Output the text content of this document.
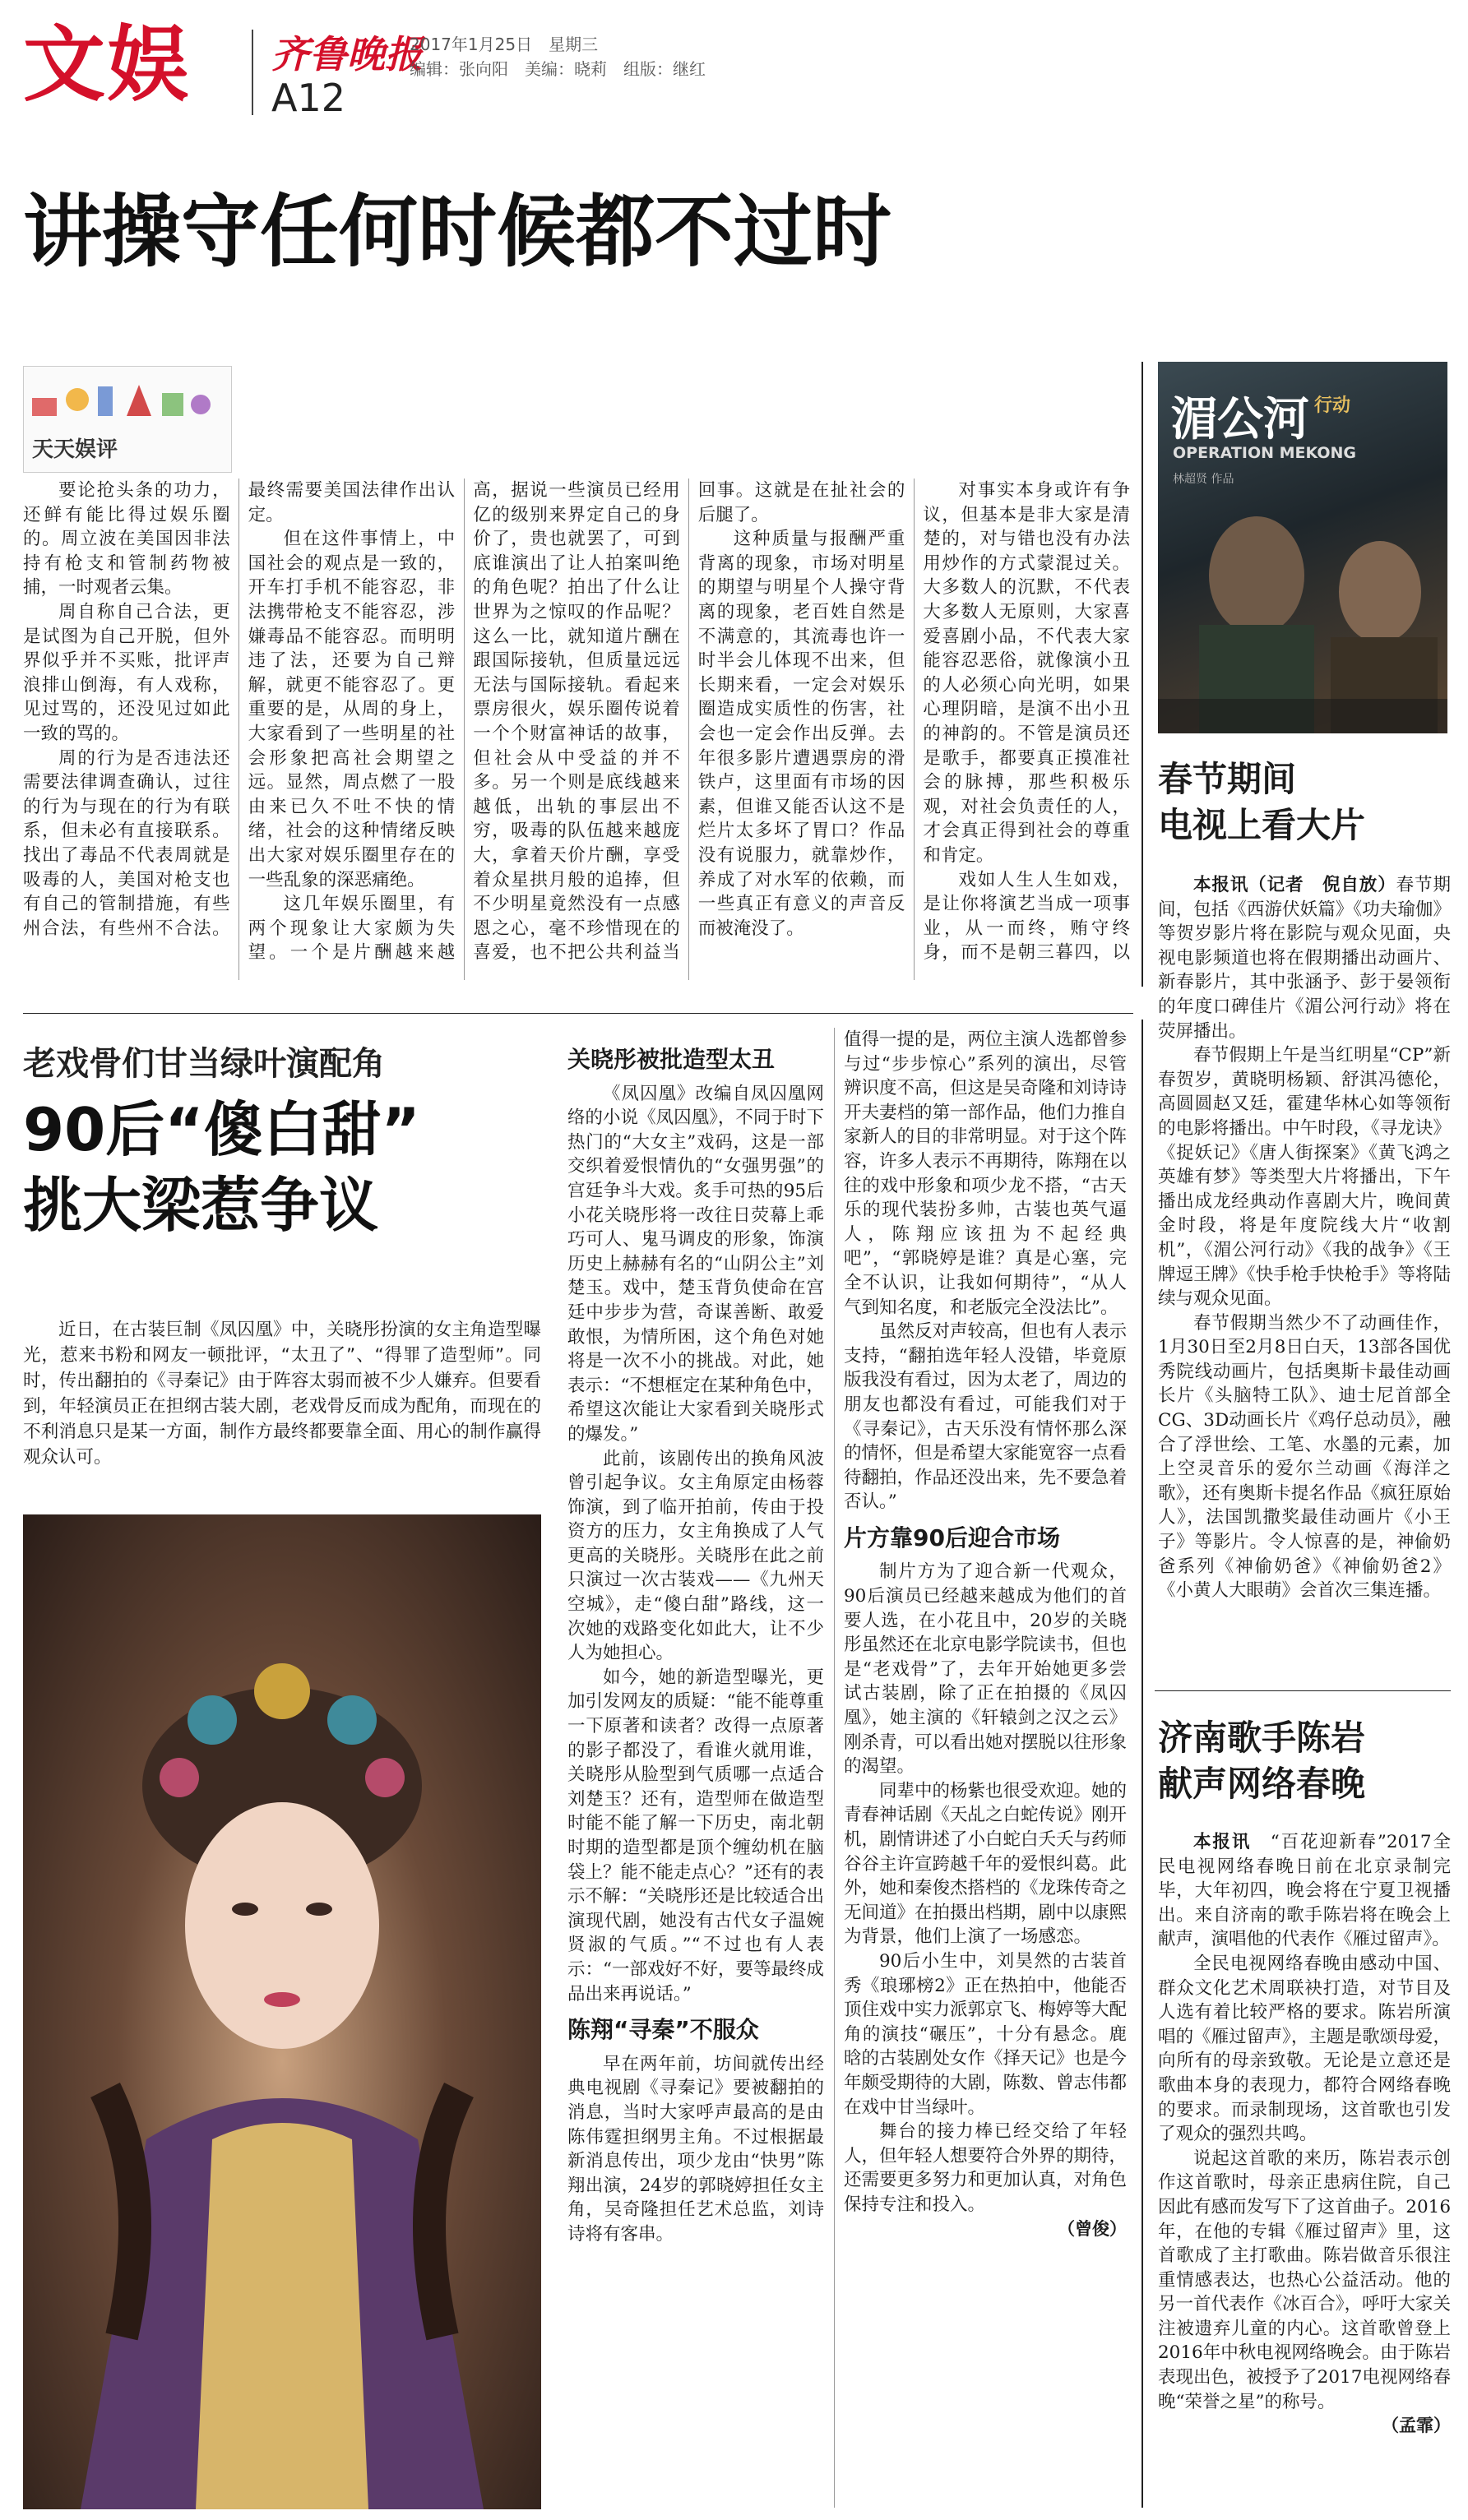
文娱 齐鲁晚报
A12
2017年1月25日　星期三
编辑：张向阳　美编：晓莉　组版：继红
讲操守任何时候都不过时
天天娱评

要论抢头条的功力，还鲜有能比得过娱乐圈的。周立波在美国因非法持有枪支和管制药物被捕，一时观者云集。

周自称自己合法，更是试图为自己开脱，但外界似乎并不买账，批评声浪排山倒海，有人戏称，见过骂的，还没见过如此一致的骂的。

周的行为是否违法还需要法律调查确认，过往的行为与现在的行为有联系，但未必有直接联系。找出了毒品不代表周就是吸毒的人，美国对枪支也有自己的管制措施，有些州合法，有些州不合法。最终需要美国法律作出认定。

但在这件事情上，中国社会的观点是一致的，开车打手机不能容忍，非法携带枪支不能容忍，涉嫌毒品不能容忍。而明明违了法，还要为自己辩解，就更不能容忍了。更重要的是，从周的身上，大家看到了一些明星的社会形象把高社会期望之远。显然，周点燃了一股由来已久不吐不快的情绪，社会的这种情绪反映出大家对娱乐圈里存在的一些乱象的深恶痛绝。

这几年娱乐圈里，有两个现象让大家颇为失望。一个是片酬越来越高，据说一些演员已经用亿的级别来界定自己的身价了，贵也就罢了，可到底谁演出了让人拍案叫绝的角色呢？拍出了什么让世界为之惊叹的作品呢？这么一比，就知道片酬在跟国际接轨，但质量远远无法与国际接轨。看起来票房很火，娱乐圈传说着一个个财富神话的故事，但社会从中受益的并不多。另一个则是底线越来越低，出轨的事层出不穷，吸毒的队伍越来越庞大，拿着天价片酬，享受着众星拱月般的追捧，但不少明星竟然没有一点感恩之心，毫不珍惜现在的喜爱，也不把公共利益当回事。这就是在扯社会的后腿了。

这种质量与报酬严重背离的现象，市场对明星的期望与明星个人操守背离的现象，老百姓自然是不满意的，其流毒也许一时半会儿体现不出来，但长期来看，一定会对娱乐圈造成实质性的伤害，社会也一定会作出反弹。去年很多影片遭遇票房的滑铁卢，这里面有市场的因素，但谁又能否认这不是烂片太多坏了胃口？作品没有说服力，就靠炒作，养成了对水军的依赖，而一些真正有意义的声音反而被淹没了。

对事实本身或许有争议，但基本是非大家是清楚的，对与错也没有办法用炒作的方式蒙混过关。大多数人的沉默，不代表大多数人无原则，大家喜爱喜剧小品，不代表大家能容忍恶俗，就像演小丑的人必须心向光明，如果心理阴暗，是演不出小丑的神韵的。不管是演员还是歌手，都要真正摸准社会的脉搏，那些积极乐观，对社会负责任的人，才会真正得到社会的尊重和肯定。

戏如人生人生如戏，是让你将演艺当成一项事业，从一而终，贿守终身，而不是朝三暮四，以

湄公河 行动
OPERATION MEKONG
林超贤 作品
春节期间
电视上看大片

本报讯（记者　倪自放）春节期间，包括《西游伏妖篇》《功夫瑜伽》等贺岁影片将在影院与观众见面，央视电影频道也将在假期播出动画片、新春影片，其中张涵予、彭于晏领衔的年度口碑佳片《湄公河行动》将在荧屏播出。

春节假期上午是当红明星“CP”新春贺岁，黄晓明杨颖、舒淇冯德伦，高圆圆赵又廷，霍建华林心如等领衔的电影将播出。中午时段，《寻龙诀》《捉妖记》《唐人街探案》《黄飞鸿之英雄有梦》等类型大片将播出，下午播出成龙经典动作喜剧大片，晚间黄金时段，将是年度院线大片“收割机”，《湄公河行动》《我的战争》《王牌逗王牌》《快手枪手快枪手》等将陆续与观众见面。

春节假期当然少不了动画佳作，1月30日至2月8日白天，13部各国优秀院线动画片，包括奥斯卡最佳动画长片《头脑特工队》、迪士尼首部全CG、3D动画长片《鸡仔总动员》，融合了浮世绘、工笔、水墨的元素，加上空灵音乐的爱尔兰动画《海洋之歌》，还有奥斯卡提名作品《疯狂原始人》，法国凯撒奖最佳动画片《小王子》等影片。令人惊喜的是，神偷奶爸系列《神偷奶爸》《神偷奶爸2》《小黄人大眼萌》会首次三集连播。

济南歌手陈岩
献声网络春晚

本报讯　 “百花迎新春”2017全民电视网络春晚日前在北京录制完毕，大年初四，晚会将在宁夏卫视播出。来自济南的歌手陈岩将在晚会上献声，演唱他的代表作《雁过留声》。

全民电视网络春晚由感动中国、群众文化艺术周联袂打造，对节目及人选有着比较严格的要求。陈岩所演唱的《雁过留声》，主题是歌颂母爱，向所有的母亲致敬。无论是立意还是歌曲本身的表现力，都符合网络春晚的要求。而录制现场，这首歌也引发了观众的强烈共鸣。

说起这首歌的来历，陈岩表示创作这首歌时，母亲正患病住院，自己因此有感而发写下了这首曲子。2016年，在他的专辑《雁过留声》里，这首歌成了主打歌曲。陈岩做音乐很注重情感表达，也热心公益活动。他的另一首代表作《冰百合》，呼吁大家关注被遗弃儿童的内心。这首歌曾登上2016年中秋电视网络晚会。由于陈岩表现出色，被授予了2017电视网络春晚“荣誉之星”的称号。

（孟霏）

老戏骨们甘当绿叶演配角
90后“傻白甜”
挑大梁惹争议
近日，在古装巨制《凤囚凰》中，关晓彤扮演的女主角造型曝光，惹来书粉和网友一顿批评，“太丑了”、“得罪了造型师”。同时，传出翻拍的《寻秦记》由于阵容太弱而被不少人嫌弃。但要看到，年轻演员正在担纲古装大剧，老戏骨反而成为配角，而现在的不利消息只是某一方面，制作方最终都要靠全面、用心的制作赢得观众认可。
关晓彤被批造型太丑

《凤囚凰》改编自凤囚凰网络的小说《凤囚凰》，不同于时下热门的“大女主”戏码，这是一部交织着爱恨情仇的“女强男强”的宫廷争斗大戏。炙手可热的95后小花关晓彤将一改往日荧幕上乖巧可人、鬼马调皮的形象，饰演历史上赫赫有名的“山阴公主”刘楚玉。戏中，楚玉背负使命在宫廷中步步为营，奇谋善断、敢爱敢恨，为情所困，这个角色对她将是一次不小的挑战。对此，她表示：“不想框定在某种角色中，希望这次能让大家看到关晓彤式的爆发。”

此前，该剧传出的换角风波曾引起争议。女主角原定由杨蓉饰演，到了临开拍前，传由于投资方的压力，女主角换成了人气更高的关晓彤。关晓彤在此之前只演过一次古装戏——《九州天空城》，走“傻白甜”路线，这一次她的戏路变化如此大，让不少人为她担心。

如今，她的新造型曝光，更加引发网友的质疑：“能不能尊重一下原著和读者？改得一点原著的影子都没了，看谁火就用谁，关晓彤从脸型到气质哪一点适合刘楚玉？还有，造型师在做造型时能不能了解一下历史，南北朝时期的造型都是顶个缠幼机在脑袋上？能不能走点心？”还有的表示不解：“关晓彤还是比较适合出演现代剧，她没有古代女子温婉贤淑的气质。”“不过也有人表示：“一部戏好不好，要等最终成品出来再说话。”

陈翔“寻秦”不服众

早在两年前，坊间就传出经典电视剧《寻秦记》要被翻拍的消息，当时大家呼声最高的是由陈伟霆担纲男主角。不过根据最新消息传出，项少龙由“快男”陈翔出演，24岁的郭晓婷担任女主角，吴奇隆担任艺术总监，刘诗诗将有客串。

值得一提的是，两位主演人选都曾参与过“步步惊心”系列的演出，尽管辨识度不高，但这是吴奇隆和刘诗诗开夫妻档的第一部作品，他们力推自家新人的目的非常明显。对于这个阵容，许多人表示不再期待，陈翔在以往的戏中形象和项少龙不搭，“古天乐的现代装扮多帅，古装也英气逼人，陈翔应该扭为不起经典吧”，“郭晓婷是谁？真是心塞，完全不认识，让我如何期待”，“从人气到知名度，和老版完全没法比”。

虽然反对声较高，但也有人表示支持，“翻拍选年轻人没错，毕竟原版我没有看过，因为太老了，周边的朋友也都没有看过，可能我们对于《寻秦记》，古天乐没有情怀那么深的情怀，但是希望大家能宽容一点看待翻拍，作品还没出来，先不要急着否认。”

片方靠90后迎合市场

制片方为了迎合新一代观众，90后演员已经越来越成为他们的首要人选，在小花且中，20岁的关晓彤虽然还在北京电影学院读书，但也是“老戏骨”了，去年开始她更多尝试古装剧，除了正在拍摄的《凤囚凰》，她主演的《轩辕剑之汉之云》刚杀青，可以看出她对摆脱以往形象的渴望。

同辈中的杨紫也很受欢迎。她的青春神话剧《天乩之白蛇传说》刚开机，剧情讲述了小白蛇白夭夭与药师谷谷主许宣跨越千年的爱恨纠葛。此外，她和秦俊杰搭档的《龙珠传奇之无间道》在拍摄出档期，剧中以康熙为背景，他们上演了一场感恋。

90后小生中，刘昊然的古装首秀《琅琊榜2》正在热拍中，他能否顶住戏中实力派郭京飞、梅婷等大配角的演技“碾压”，十分有悬念。鹿晗的古装剧处女作《择天记》也是今年颇受期待的大剧，陈数、曾志伟都在戏中甘当绿叶。

舞台的接力棒已经交给了年轻人，但年轻人想要符合外界的期待，还需要更多努力和更加认真，对角色保持专注和投入。

（曾俊）
